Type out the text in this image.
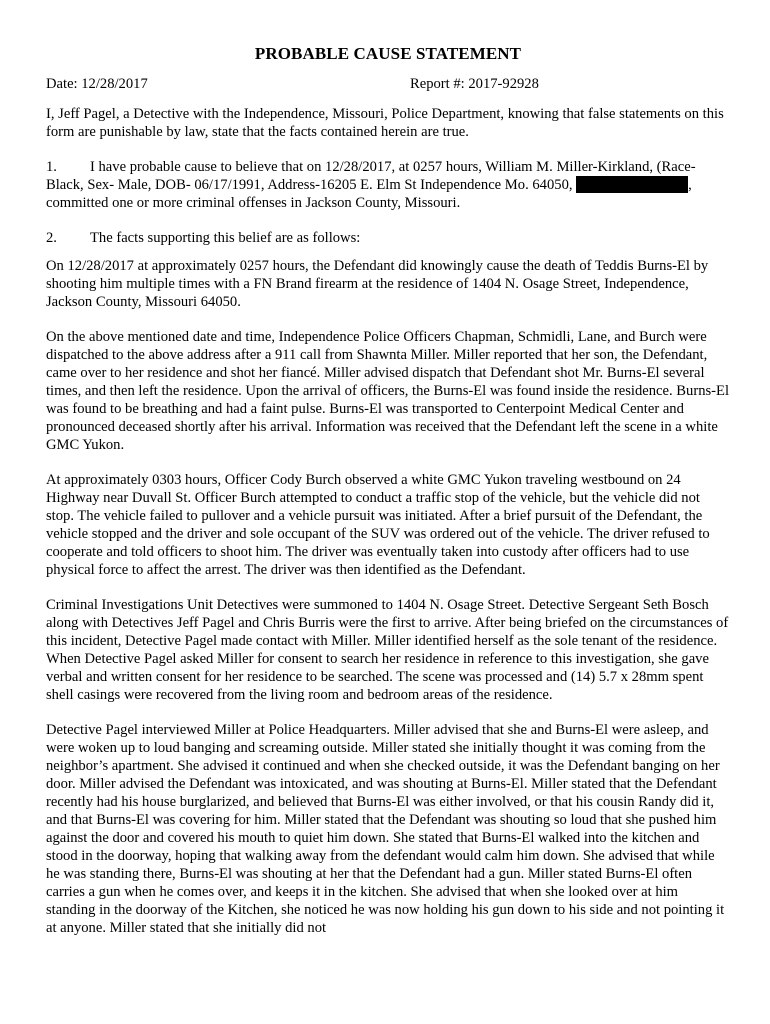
PROBABLE CAUSE STATEMENT
Date: 12/28/2017	Report #: 2017-92928

I, Jeff Pagel, a Detective with the Independence, Missouri, Police Department, knowing that false statements on this form are punishable by law, state that the facts contained herein are true.

1. I have probable cause to believe that on 12/28/2017, at 0257 hours, William M. Miller-Kirkland, (Race-Black, Sex- Male, DOB- 06/17/1991, Address-16205 E. Elm St Independence Mo. 64050,	, committed one or more criminal offenses in Jackson County, Missouri.

2. The facts supporting this belief are as follows:

On 12/28/2017 at approximately 0257 hours, the Defendant did knowingly cause the death of Teddis Burns-El by shooting him multiple times with a FN Brand firearm at the residence of 1404 N. Osage Street, Independence, Jackson County, Missouri 64050.

On the above mentioned date and time, Independence Police Officers Chapman, Schmidli, Lane, and Burch were dispatched to the above address after a 911 call from Shawnta Miller. Miller reported that her son, the Defendant, came over to her residence and shot her fiancé. Miller advised dispatch that Defendant shot Mr. Burns-El several times, and then left the residence. Upon the arrival of officers, the Burns-El was found inside the residence. Burns-El was found to be breathing and had a faint pulse. Burns-El was transported to Centerpoint Medical Center and pronounced deceased shortly after his arrival. Information was received that the Defendant left the scene in a white GMC Yukon.

At approximately 0303 hours, Officer Cody Burch observed a white GMC Yukon traveling westbound on 24 Highway near Duvall St. Officer Burch attempted to conduct a traffic stop of the vehicle, but the vehicle did not stop. The vehicle failed to pullover and a vehicle pursuit was initiated. After a brief pursuit of the Defendant, the vehicle stopped and the driver and sole occupant of the SUV was ordered out of the vehicle. The driver refused to cooperate and told officers to shoot him. The driver was eventually taken into custody after officers had to use physical force to affect the arrest. The driver was then identified as the Defendant.

Criminal Investigations Unit Detectives were summoned to 1404 N. Osage Street. Detective Sergeant Seth Bosch along with Detectives Jeff Pagel and Chris Burris were the first to arrive. After being briefed on the circumstances of this incident, Detective Pagel made contact with Miller. Miller identified herself as the sole tenant of the residence. When Detective Pagel asked Miller for consent to search her residence in reference to this investigation, she gave verbal and written consent for her residence to be searched. The scene was processed and (14) 5.7 x 28mm spent shell casings were recovered from the living room and bedroom areas of the residence.

Detective Pagel interviewed Miller at Police Headquarters. Miller advised that she and Burns-El were asleep, and were woken up to loud banging and screaming outside. Miller stated she initially thought it was coming from the neighbor’s apartment. She advised it continued and when she checked outside, it was the Defendant banging on her door. Miller advised the Defendant was intoxicated, and was shouting at Burns-El. Miller stated that the Defendant recently had his house burglarized, and believed that Burns-El was either involved, or that his cousin Randy did it, and that Burns-El was covering for him. Miller stated that the Defendant was shouting so loud that she pushed him against the door and covered his mouth to quiet him down. She stated that Burns-El walked into the kitchen and stood in the doorway, hoping that walking away from the defendant would calm him down. She advised that while he was standing there, Burns-El was shouting at her that the Defendant had a gun. Miller stated Burns-El often carries a gun when he comes over, and keeps it in the kitchen. She advised that when she looked over at him standing in the doorway of the Kitchen, she noticed he was now holding his gun down to his side and not pointing it at anyone. Miller stated that she initially did not
